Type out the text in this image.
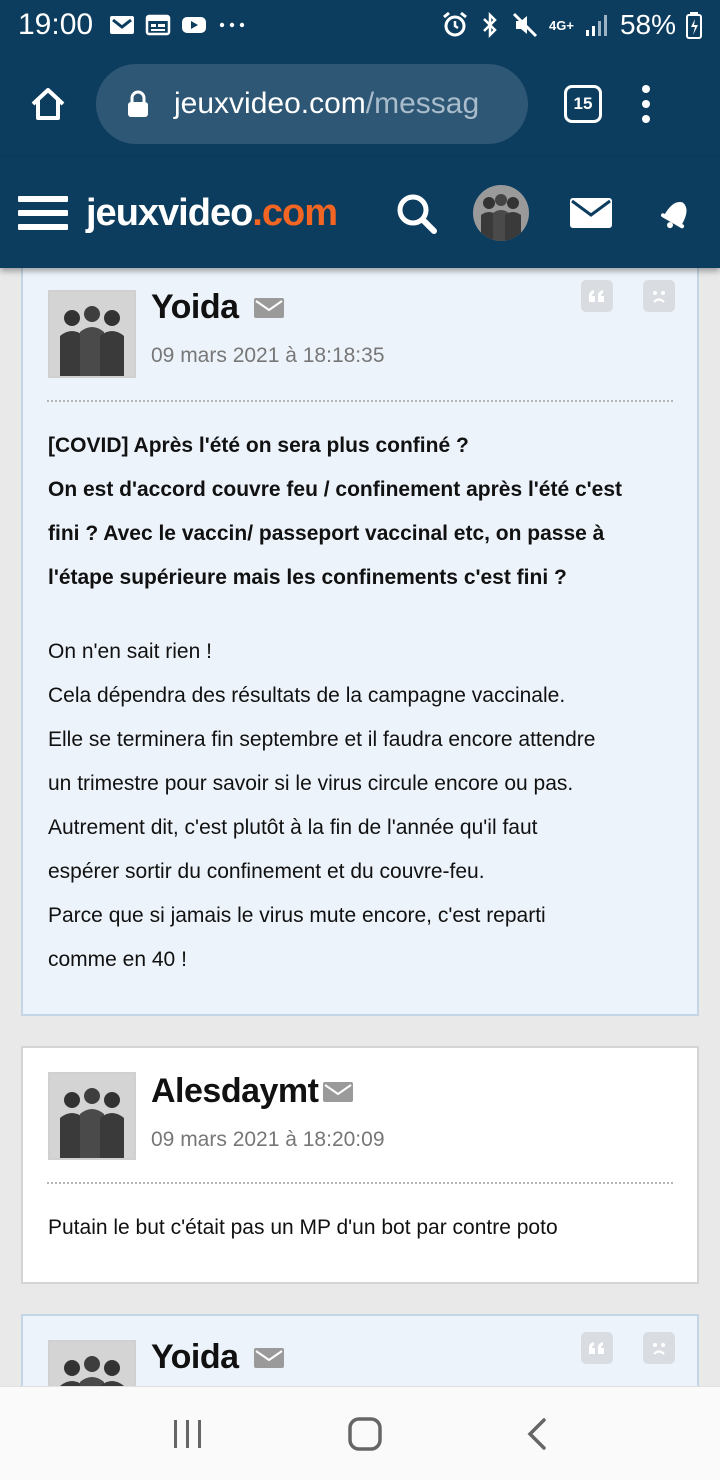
19:00	4G+ 58%
jeuxvideo.com /messag	15
jeuxvideo.com
Yoida
09 mars 2021 à 18:18:35
[COVID] Après l'été on sera plus confiné ?
On est d'accord couvre feu / confinement après l'été c'est
fini ? Avec le vaccin/ passeport vaccinal etc, on passe à
l'étape supérieure mais les confinements c'est fini ?
On n'en sait rien !
Cela dépendra des résultats de la campagne vaccinale.
Elle se terminera fin septembre et il faudra encore attendre
un trimestre pour savoir si le virus circule encore ou pas.
Autrement dit, c'est plutôt à la fin de l'année qu'il faut
espérer sortir du confinement et du couvre-feu.
Parce que si jamais le virus mute encore, c'est reparti
comme en 40 !
Alesdaymt
09 mars 2021 à 18:20:09
Putain le but c'était pas un MP d'un bot par contre poto
Yoida
